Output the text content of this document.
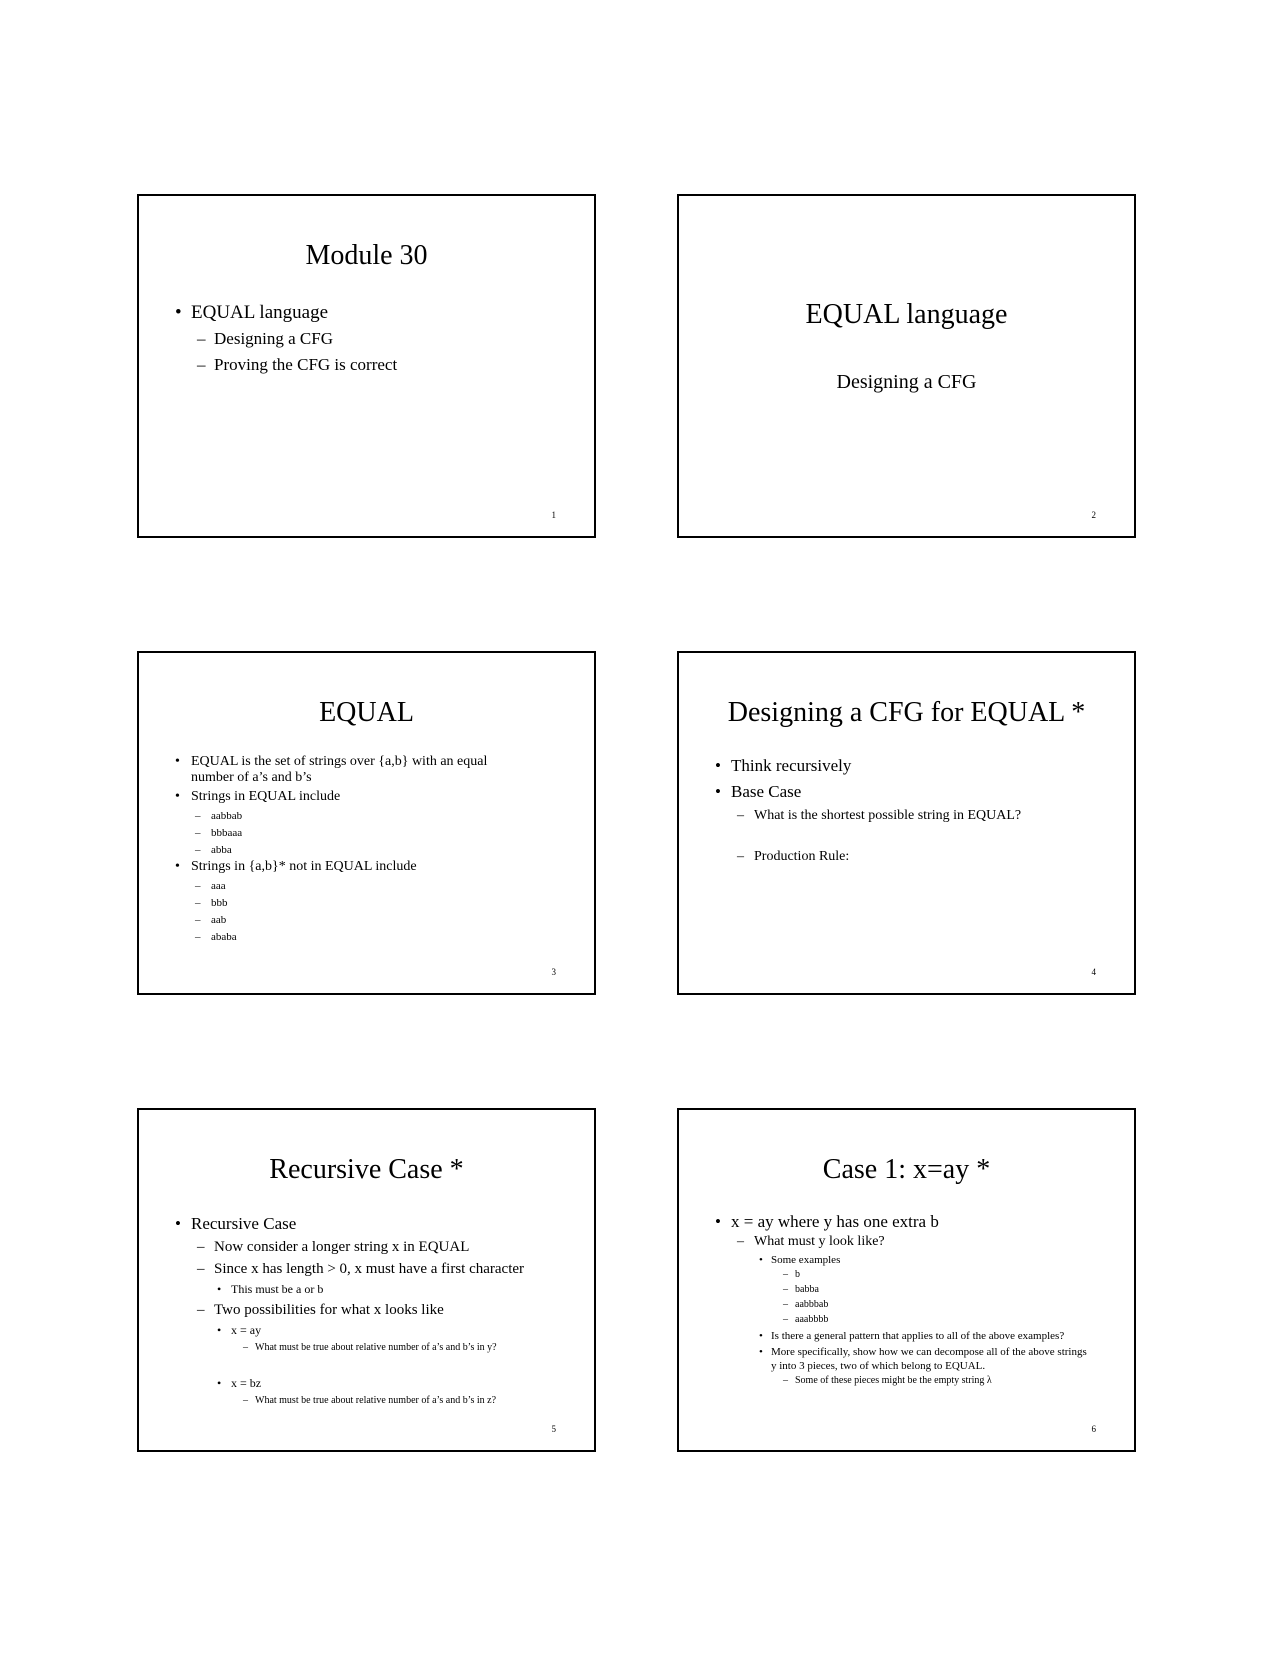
Module 30
• EQUAL language
– Designing a CFG
– Proving the CFG is correct
1
EQUAL language
Designing a CFG
2
EQUAL
• EQUAL is the set of strings over {a,b} with an equal number of a’s and b’s
• Strings in EQUAL include
– aabbab
– bbbaaa
– abba
• Strings in {a,b}* not in EQUAL include
– aaa
– bbb
– aab
– ababa
3
Designing a CFG for EQUAL *
• Think recursively
• Base Case
– What is the shortest possible string in EQUAL?
– Production Rule:
4
Recursive Case *
• Recursive Case
– Now consider a longer string x in EQUAL
– Since x has length > 0, x must have a first character
• This must be a or b
– Two possibilities for what x looks like
• x = ay
– What must be true about relative number of a’s and b’s in y?
• x = bz
– What must be true about relative number of a’s and b’s in z?
5
Case 1: x=ay *
• x = ay where y has one extra b
– What must y look like?
• Some examples
– b
– babba
– aabbbab
– aaabbbb
• Is there a general pattern that applies to all of the above examples?
• More specifically, show how we can decompose all of the above strings y into 3 pieces, two of which belong to EQUAL.
– Some of these pieces might be the empty string λ
6
